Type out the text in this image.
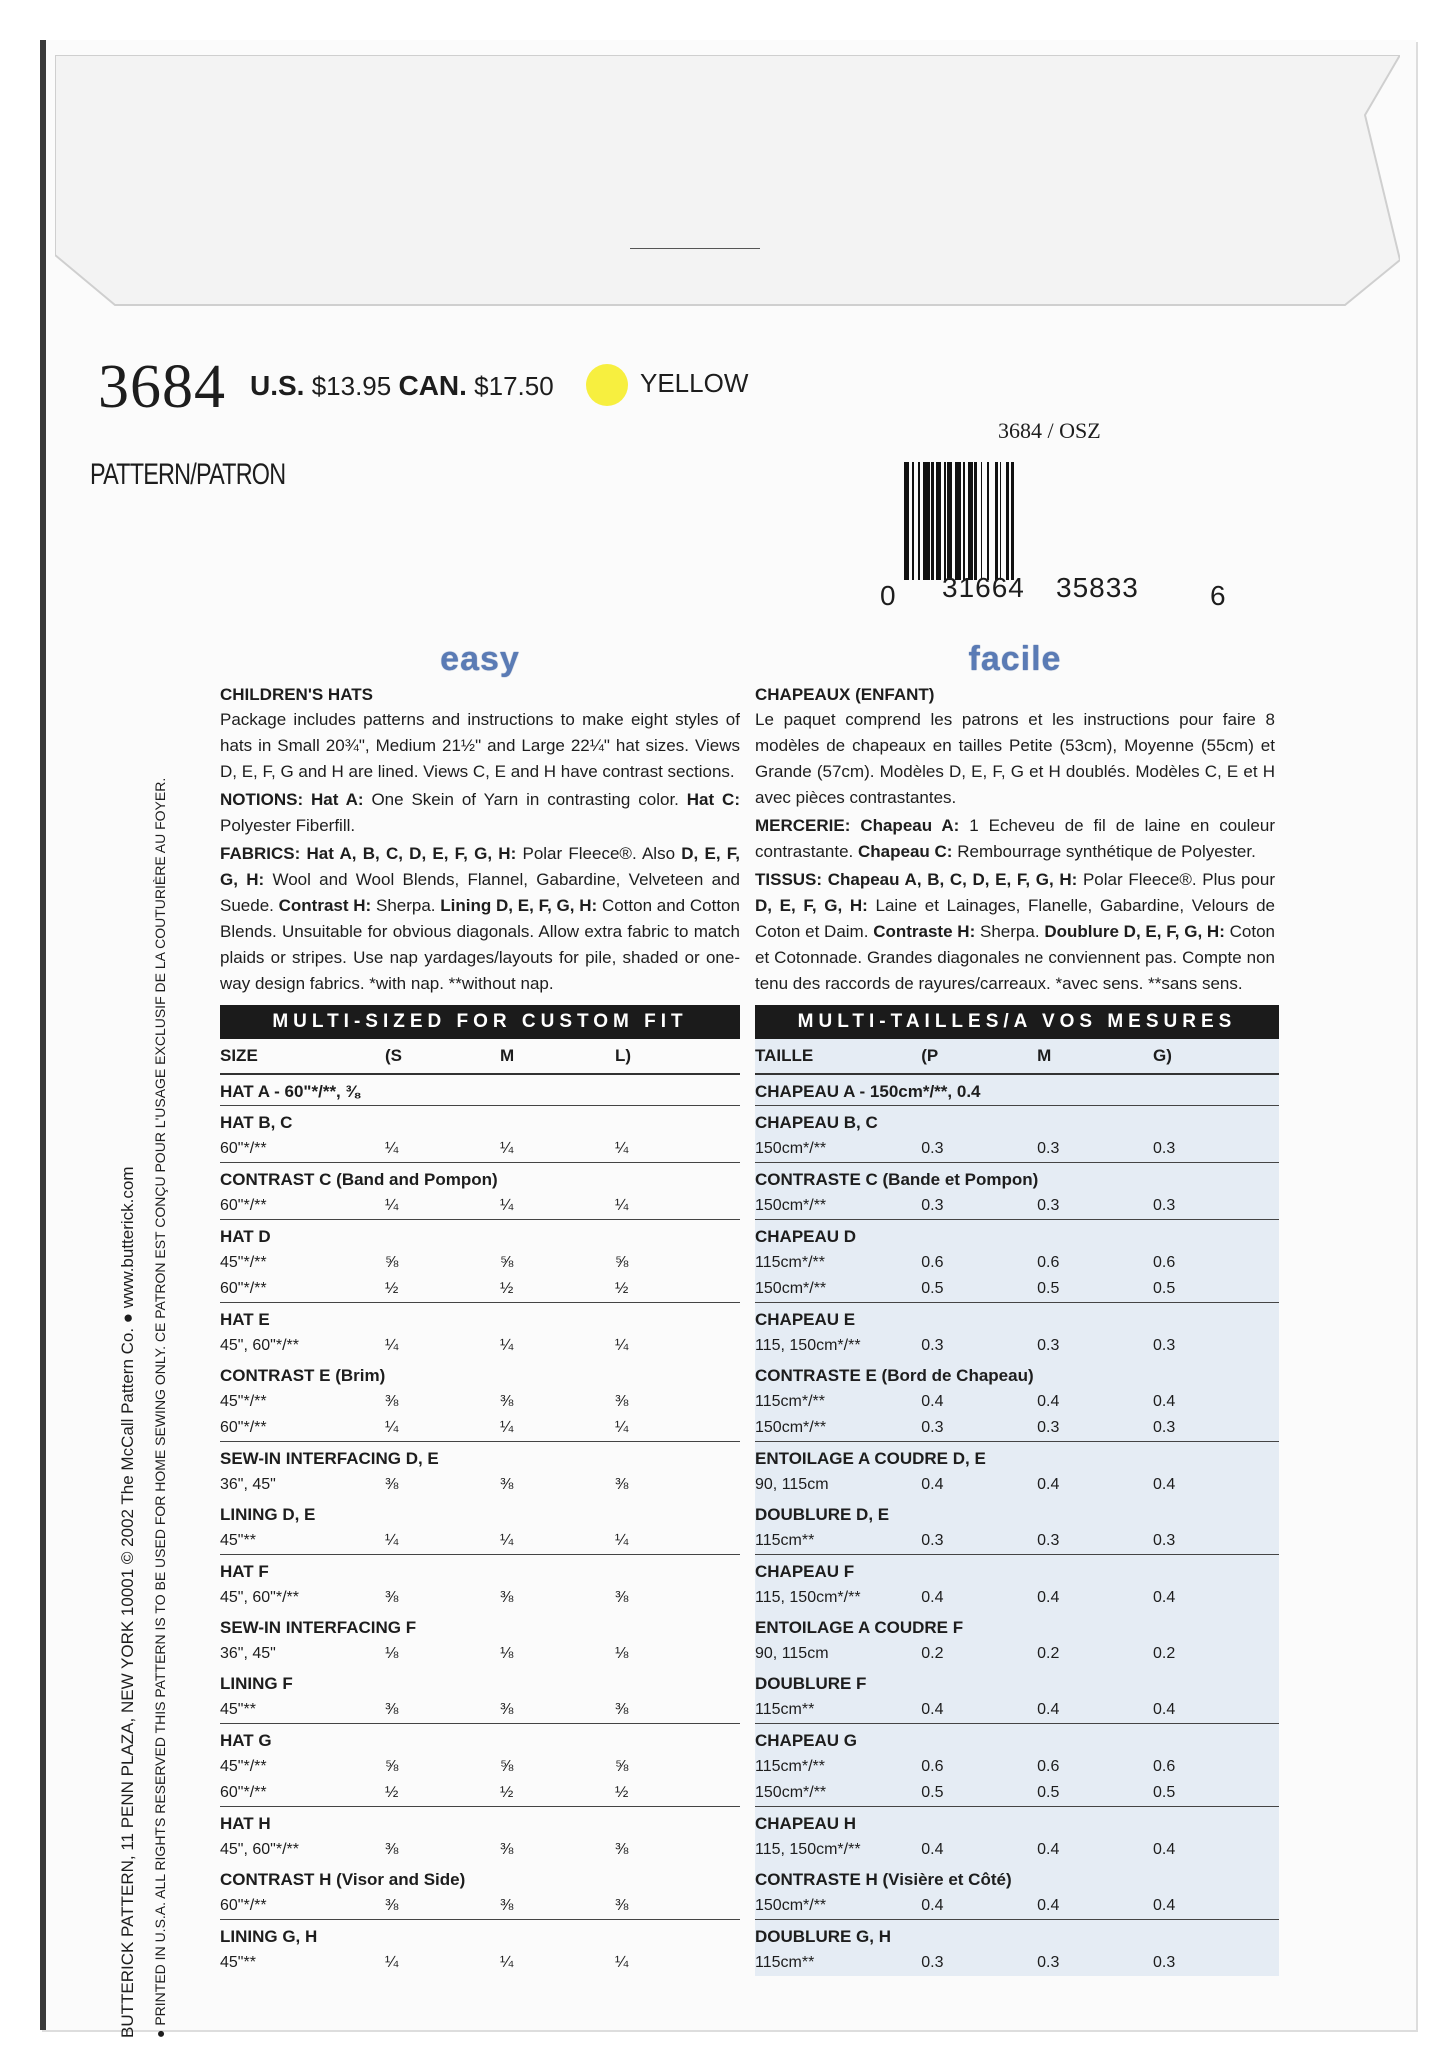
3684 U.S. $13.95 CAN. $17.50	YELLOW
PATTERN/PATRON
3684 / OSZ
0 31664 35833	6
BUTTERICK PATTERN, 11 PENN PLAZA, NEW YORK 10001 © 2002 The McCall Pattern Co. ● www.butterick.com ● PRINTED IN U.S.A. ALL RIGHTS RESERVED THIS PATTERN IS TO BE USED FOR HOME SEWING ONLY. CE PATRON EST CONÇU POUR L'USAGE EXCLUSIF DE LA COUTURIÈRE AU FOYER.
easy
CHILDREN'S HATS

Package includes patterns and instructions to make eight styles of hats in Small 20¾", Medium 21½" and Large 22¼" hat sizes. Views D, E, F, G and H are lined. Views C, E and H have contrast sections.

NOTIONS: Hat A: One Skein of Yarn in contrasting color. Hat C: Polyester Fiberfill.

FABRICS: Hat A, B, C, D, E, F, G, H: Polar Fleece®. Also D, E, F, G, H: Wool and Wool Blends, Flannel, Gabardine, Velveteen and Suede. Contrast H: Sherpa. Lining D, E, F, G, H: Cotton and Cotton Blends. Unsuitable for obvious diagonals. Allow extra fabric to match plaids or stripes. Use nap yardages/layouts for pile, shaded or one-way design fabrics. *with nap. **without nap.

MULTI-SIZED FOR CUSTOM FIT
SIZE	(S	M	L)
HAT A - 60"*/**, ⅜			
HAT B, C			
60"*/**	¼	¼	¼
CONTRAST C (Band and Pompon)			
60"*/**	¼	¼	¼
HAT D			
45"*/**	⅝	⅝	⅝
60"*/**	½	½	½
HAT E			
45", 60"*/**	¼	¼	¼
CONTRAST E (Brim)			
45"*/**	⅜	⅜	⅜
60"*/**	¼	¼	¼
SEW-IN INTERFACING D, E			
36", 45"	⅜	⅜	⅜
LINING D, E			
45"**	¼	¼	¼
HAT F			
45", 60"*/**	⅜	⅜	⅜
SEW-IN INTERFACING F			
36", 45"	⅛	⅛	⅛
LINING F			
45"**	⅜	⅜	⅜
HAT G			
45"*/**	⅝	⅝	⅝
60"*/**	½	½	½
HAT H			
45", 60"*/**	⅜	⅜	⅜
CONTRAST H (Visor and Side)			
60"*/**	⅜	⅜	⅜
LINING G, H			
45"**	¼	¼	¼
facile
CHAPEAUX (ENFANT)

Le paquet comprend les patrons et les instructions pour faire 8 modèles de chapeaux en tailles Petite (53cm), Moyenne (55cm) et Grande (57cm). Modèles D, E, F, G et H doublés. Modèles C, E et H avec pièces contrastantes.

MERCERIE: Chapeau A: 1 Echeveu de fil de laine en couleur contrastante. Chapeau C: Rembourrage synthétique de Polyester.

TISSUS: Chapeau A, B, C, D, E, F, G, H: Polar Fleece®. Plus pour D, E, F, G, H: Laine et Lainages, Flanelle, Gabardine, Velours de Coton et Daim. Contraste H: Sherpa. Doublure D, E, F, G, H: Coton et Cotonnade. Grandes diagonales ne conviennent pas. Compte non tenu des raccords de rayures/carreaux. *avec sens. **sans sens.

MULTI-TAILLES/A VOS MESURES
TAILLE	(P	M	G)
CHAPEAU A - 150cm*/**, 0.4			
CHAPEAU B, C			
150cm*/**	0.3	0.3	0.3
CONTRASTE C (Bande et Pompon)			
150cm*/**	0.3	0.3	0.3
CHAPEAU D			
115cm*/**	0.6	0.6	0.6
150cm*/**	0.5	0.5	0.5
CHAPEAU E			
115, 150cm*/**	0.3	0.3	0.3
CONTRASTE E (Bord de Chapeau)			
115cm*/**	0.4	0.4	0.4
150cm*/**	0.3	0.3	0.3
ENTOILAGE A COUDRE D, E			
90, 115cm	0.4	0.4	0.4
DOUBLURE D, E			
115cm**	0.3	0.3	0.3
CHAPEAU F			
115, 150cm*/**	0.4	0.4	0.4
ENTOILAGE A COUDRE F			
90, 115cm	0.2	0.2	0.2
DOUBLURE F			
115cm**	0.4	0.4	0.4
CHAPEAU G			
115cm*/**	0.6	0.6	0.6
150cm*/**	0.5	0.5	0.5
CHAPEAU H			
115, 150cm*/**	0.4	0.4	0.4
CONTRASTE H (Visière et Côté)			
150cm*/**	0.4	0.4	0.4
DOUBLURE G, H			
115cm**	0.3	0.3	0.3
